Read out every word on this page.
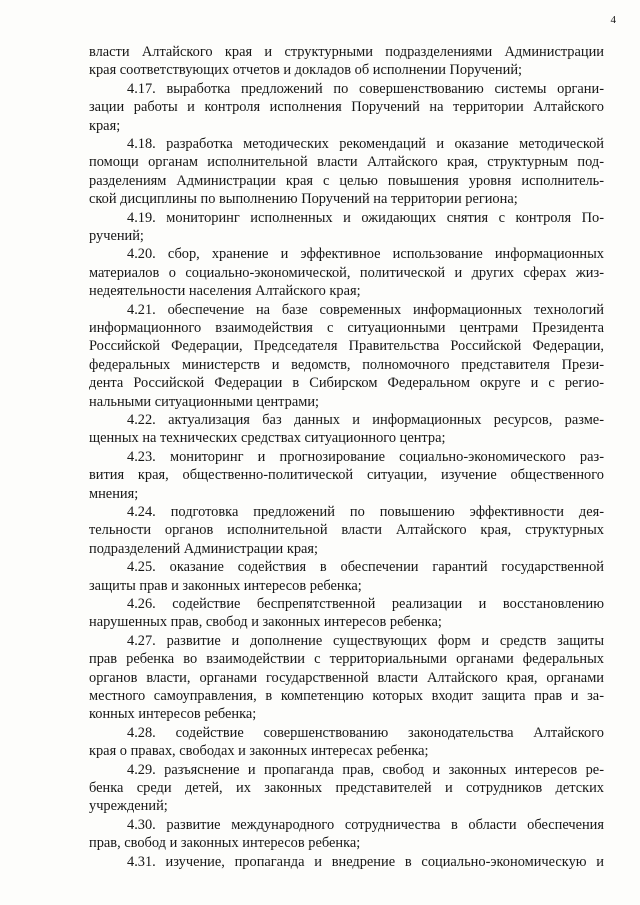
4
власти Алтайского края и структурными подразделениями Администрации
края соответствующих отчетов и докладов об исполнении Поручений;
4.17. выработка предложений по совершенствованию системы органи-
зации работы и контроля исполнения Поручений на территории Алтайского
края;
4.18. разработка методических рекомендаций и оказание методической
помощи органам исполнительной власти Алтайского края, структурным под-
разделениям Администрации края с целью повышения уровня исполнитель-
ской дисциплины по выполнению Поручений на территории региона;
4.19. мониторинг исполненных и ожидающих снятия с контроля По-
ручений;
4.20. сбор, хранение и эффективное использование информационных
материалов о социально-экономической, политической и других сферах жиз-
недеятельности населения Алтайского края;
4.21. обеспечение на базе современных информационных технологий
информационного взаимодействия с ситуационными центрами Президента
Российской Федерации, Председателя Правительства Российской Федерации,
федеральных министерств и ведомств, полномочного представителя Прези-
дента Российской Федерации в Сибирском Федеральном округе и с регио-
нальными ситуационными центрами;
4.22. актуализация баз данных и информационных ресурсов, разме-
щенных на технических средствах ситуационного центра;
4.23. мониторинг и прогнозирование социально-экономического раз-
вития края, общественно-политической ситуации, изучение общественного
мнения;
4.24. подготовка предложений по повышению эффективности дея-
тельности органов исполнительной власти Алтайского края, структурных
подразделений Администрации края;
4.25. оказание содействия в обеспечении гарантий государственной
защиты прав и законных интересов ребенка;
4.26. содействие беспрепятственной реализации и восстановлению
нарушенных прав, свобод и законных интересов ребенка;
4.27. развитие и дополнение существующих форм и средств защиты
прав ребенка во взаимодействии с территориальными органами федеральных
органов власти, органами государственной власти Алтайского края, органами
местного самоуправления, в компетенцию которых входит защита прав и за-
конных интересов ребенка;
4.28. содействие совершенствованию законодательства Алтайского
края о правах, свободах и законных интересах ребенка;
4.29. разъяснение и пропаганда прав, свобод и законных интересов ре-
бенка среди детей, их законных представителей и сотрудников детских
учреждений;
4.30. развитие международного сотрудничества в области обеспечения
прав, свобод и законных интересов ребенка;
4.31. изучение, пропаганда и внедрение в социально-экономическую и
